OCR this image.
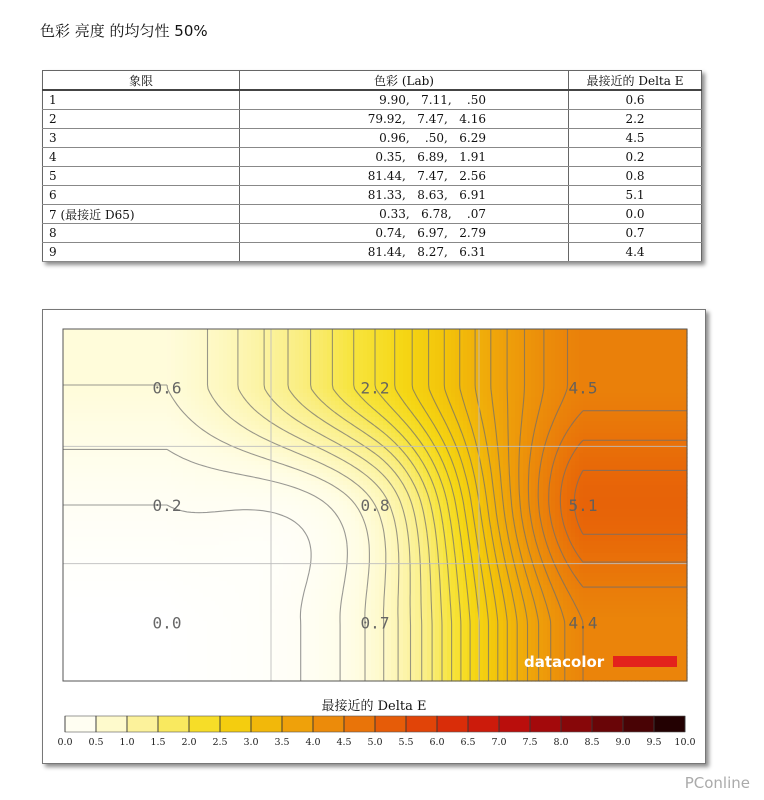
色彩 亮度 的均匀性 50%
象限	色彩 (Lab)	最接近的 Delta E
1	9.90,   7.11,    .50	0.6
2	79.92,   7.47,   4.16	2.2
3	0.96,    .50,   6.29	4.5
4	0.35,   6.89,   1.91	0.2
5	81.44,   7.47,   2.56	0.8
6	81.33,   8.63,   6.91	5.1
7 (最接近 D65)	0.33,   6.78,    .07	0.0
8	0.74,   6.97,   2.79	0.7
9	81.44,   8.27,   6.31	4.4
0.6	2.2	4.5
0.2	0.8	5.1
0.0	0.7	4.4
datacolor
最接近的 Delta E
0.0 0.5 1.0 1.5 2.0 2.5 3.0 3.5 4.0 4.5 5.0 5.5 6.0 6.5 7.0 7.5 8.0 8.5 9.0 9.5 10.0
PConline
